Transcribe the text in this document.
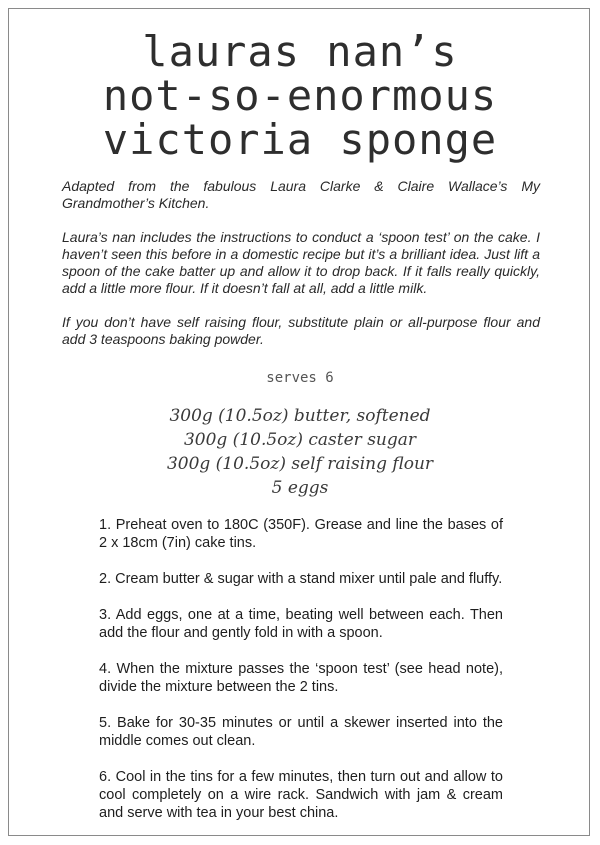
lauras nan’s
not-so-enormous
victoria sponge

Adapted from the fabulous Laura Clarke & Claire Wallace’s My Grandmother’s Kitchen.

Laura’s nan includes the instructions to conduct a ‘spoon test’ on the cake. I haven’t seen this before in a domestic recipe but it’s a brilliant idea. Just lift a spoon of the cake batter up and allow it to drop back. If it falls really quickly, add a little more flour. If it doesn’t fall at all, add a little milk.

If you don’t have self raising flour, substitute plain or all-purpose flour and add 3 teaspoons baking powder.

serves 6
300g (10.5oz) butter, softened
300g (10.5oz) caster sugar
300g (10.5oz) self raising flour
5 eggs
1. Preheat oven to 180C (350F). Grease and line the bases of 2 x 18cm (7in) cake tins.
2. Cream butter & sugar with a stand mixer until pale and fluffy.
3. Add eggs, one at a time, beating well between each. Then add the flour and gently fold in with a spoon.
4. When the mixture passes the ‘spoon test’ (see head note), divide the mixture between the 2 tins.
5. Bake for 30-35 minutes or until a skewer inserted into the middle comes out clean.
6. Cool in the tins for a few minutes, then turn out and allow to cool completely on a wire rack. Sandwich with jam & cream and serve with tea in your best china.
